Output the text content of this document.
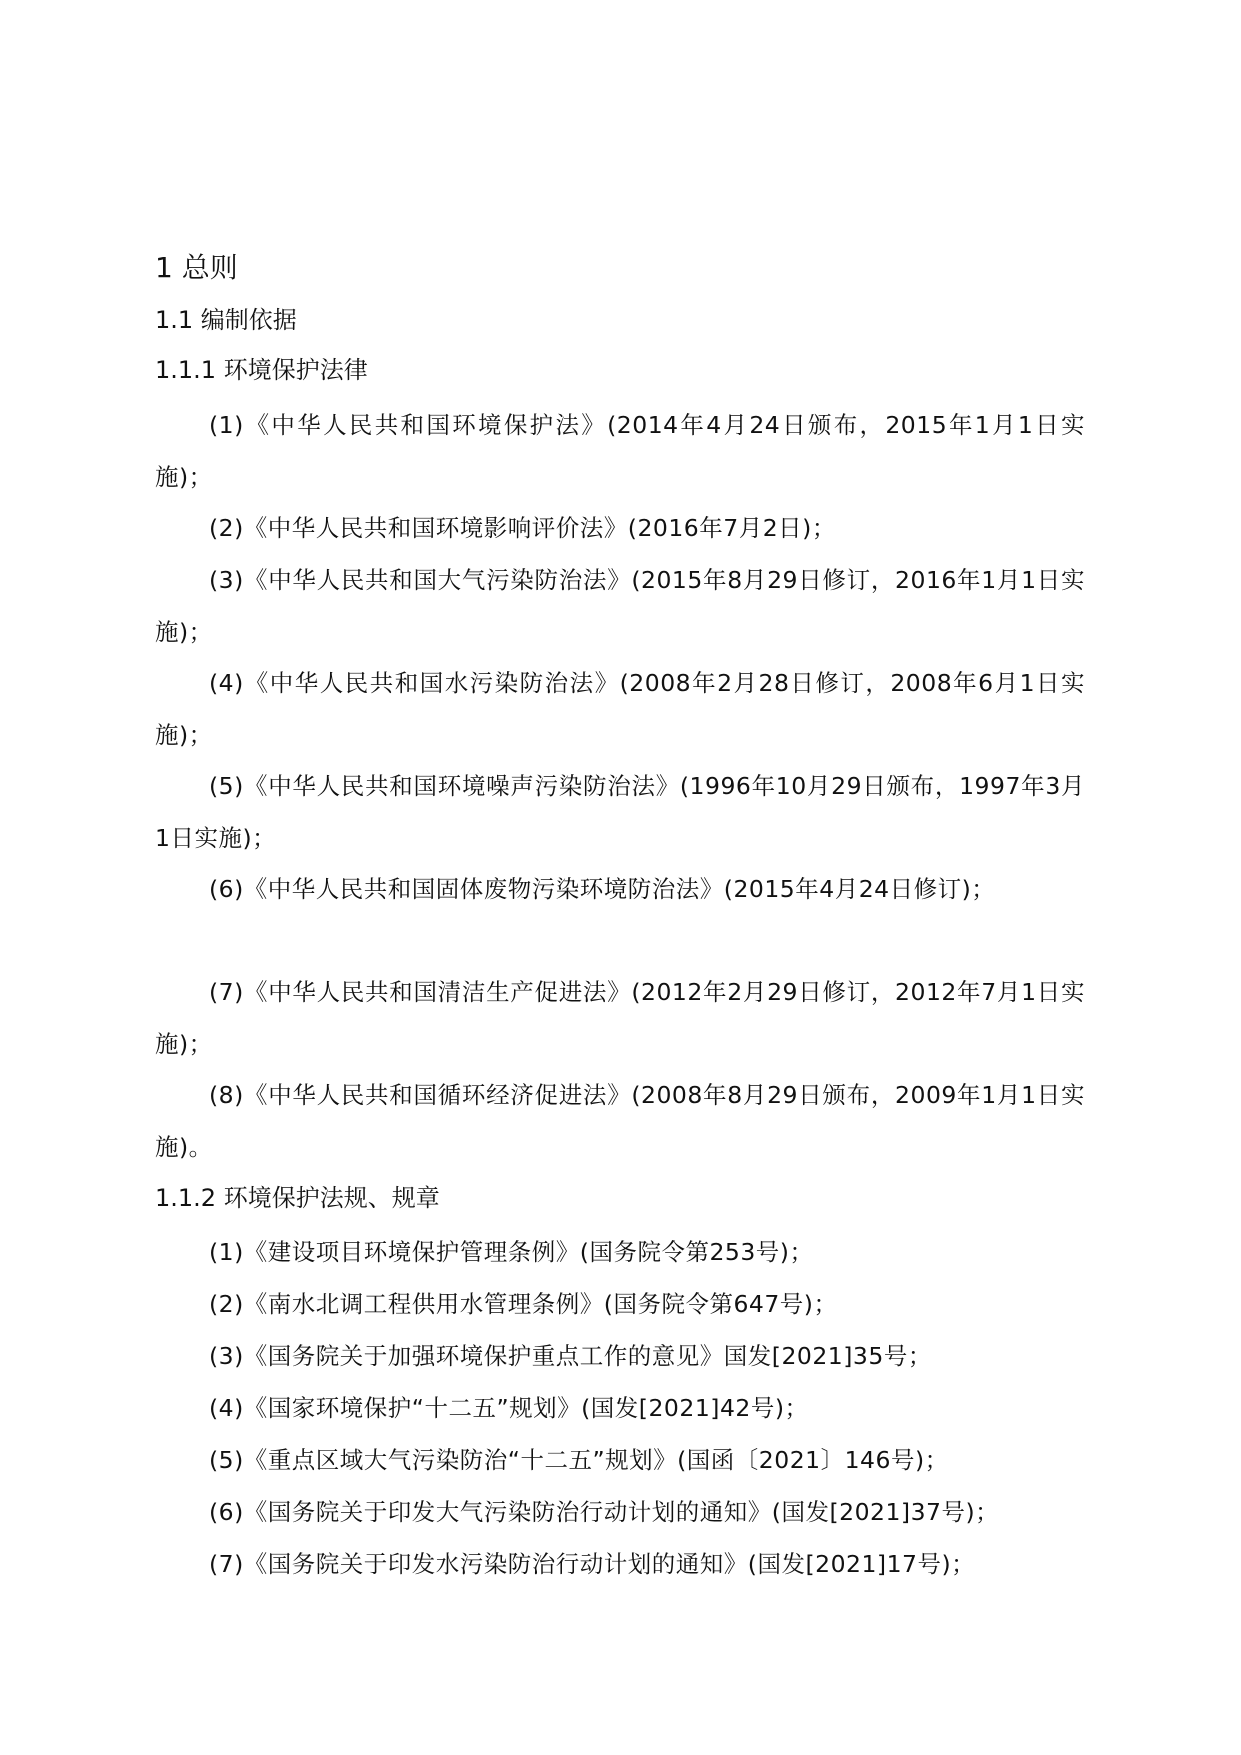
1 总则
1.1 编制依据
1.1.1 环境保护法律
(1)《中华人民共和国环境保护法》(2014年4月24日颁布，2015年1月1日实施)；
(2)《中华人民共和国环境影响评价法》(2016年7月2日)；
(3)《中华人民共和国大气污染防治法》(2015年8月29日修订，2016年1月1日实施)；
(4)《中华人民共和国水污染防治法》(2008年2月28日修订，2008年6月1日实施)；
(5)《中华人民共和国环境噪声污染防治法》(1996年10月29日颁布，1997年3月1日实施)；
(6)《中华人民共和国固体废物污染环境防治法》(2015年4月24日修订)；
(7)《中华人民共和国清洁生产促进法》(2012年2月29日修订，2012年7月1日实施)；
(8)《中华人民共和国循环经济促进法》(2008年8月29日颁布，2009年1月1日实施)。
1.1.2 环境保护法规、规章
(1)《建设项目环境保护管理条例》(国务院令第253号)；
(2)《南水北调工程供用水管理条例》(国务院令第647号)；
(3)《国务院关于加强环境保护重点工作的意见》国发[2021]35号；
(4)《国家环境保护“十二五”规划》(国发[2021]42号)；
(5)《重点区域大气污染防治“十二五”规划》(国函〔2021〕146号)；
(6)《国务院关于印发大气污染防治行动计划的通知》(国发[2021]37号)；
(7)《国务院关于印发水污染防治行动计划的通知》(国发[2021]17号)；
